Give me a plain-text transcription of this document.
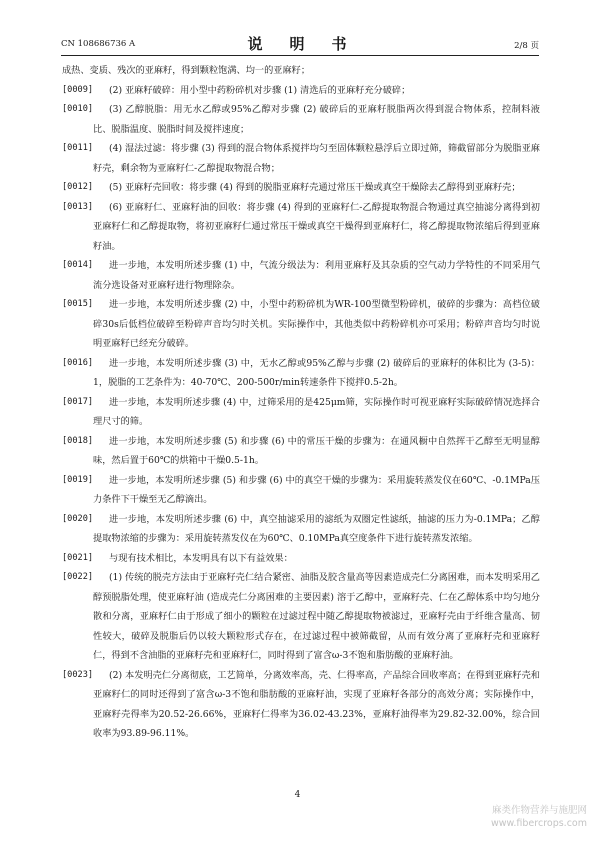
CN 108686736 A	说　明　书	2/8 页
成热、变质、残次的亚麻籽，得到颗粒饱满、均一的亚麻籽；
[0009]	(2) 亚麻籽破碎：用小型中药粉碎机对步骤 (1) 清选后的亚麻籽充分破碎；
[0010]	(3) 乙醇脱脂：用无水乙醇或95%乙醇对步骤 (2) 破碎后的亚麻籽脱脂两次得到混合物体系，控制料液比、脱脂温度、脱脂时间及搅拌速度；
[0011]	(4) 湿法过滤：将步骤 (3) 得到的混合物体系搅拌均匀至固体颗粒悬浮后立即过筛，筛截留部分为脱脂亚麻籽壳，剩余物为亚麻籽仁-乙醇提取物混合物；
[0012]	(5) 亚麻籽壳回收：将步骤 (4) 得到的脱脂亚麻籽壳通过常压干燥或真空干燥除去乙醇得到亚麻籽壳；
[0013]	(6) 亚麻籽仁、亚麻籽油的回收：将步骤 (4) 得到的亚麻籽仁-乙醇提取物混合物通过真空抽滤分离得到初亚麻籽仁和乙醇提取物，将初亚麻籽仁通过常压干燥或真空干燥得到亚麻籽仁，将乙醇提取物浓缩后得到亚麻籽油。
[0014]	进一步地，本发明所述步骤 (1) 中，气流分级法为：利用亚麻籽及其杂质的空气动力学特性的不同采用气流分选设备对亚麻籽进行物理除杂。
[0015]	进一步地，本发明所述步骤 (2) 中，小型中药粉碎机为WR-100型微型粉碎机，破碎的步骤为：高档位破碎30s后低档位破碎至粉碎声音均匀时关机。实际操作中，其他类似中药粉碎机亦可采用；粉碎声音均匀时说明亚麻籽已经充分破碎。
[0016]	进一步地，本发明所述步骤 (3) 中，无水乙醇或95%乙醇与步骤 (2) 破碎后的亚麻籽的体积比为 (3-5)：1，脱脂的工艺条件为：40-70℃、200-500r/min转速条件下搅拌0.5-2h。
[0017]	进一步地，本发明所述步骤 (4) 中，过筛采用的是425μm筛，实际操作时可视亚麻籽实际破碎情况选择合理尺寸的筛。
[0018]	进一步地，本发明所述步骤 (5) 和步骤 (6) 中的常压干燥的步骤为：在通风橱中自然挥干乙醇至无明显醇味，然后置于60℃的烘箱中干燥0.5-1h。
[0019]	进一步地，本发明所述步骤 (5) 和步骤 (6) 中的真空干燥的步骤为：采用旋转蒸发仪在60℃、-0.1MPa压力条件下干燥至无乙醇滴出。
[0020]	进一步地，本发明所述步骤 (6) 中，真空抽滤采用的滤纸为双圈定性滤纸，抽滤的压力为-0.1MPa；乙醇提取物浓缩的步骤为：采用旋转蒸发仪在为60℃、0.10MPa真空度条件下进行旋转蒸发浓缩。
[0021]	与现有技术相比，本发明具有以下有益效果：
[0022]	(1) 传统的脱壳方法由于亚麻籽壳仁结合紧密、油脂及胶含量高等因素造成壳仁分离困难，而本发明采用乙醇预脱脂处理，使亚麻籽油 (造成壳仁分离困难的主要因素) 溶于乙醇中，亚麻籽壳、仁在乙醇体系中均匀地分散和分离，亚麻籽仁由于形成了细小的颗粒在过滤过程中随乙醇提取物被滤过，亚麻籽壳由于纤维含量高、韧性较大，破碎及脱脂后仍以较大颗粒形式存在，在过滤过程中被筛截留，从而有效分离了亚麻籽壳和亚麻籽仁，得到不含油脂的亚麻籽壳和亚麻籽仁，同时得到了富含ω-3不饱和脂肪酸的亚麻籽油。
[0023]	(2) 本发明壳仁分离彻底，工艺简单，分离效率高，壳、仁得率高，产品综合回收率高；在得到亚麻籽壳和亚麻籽仁的同时还得到了富含ω-3不饱和脂肪酸的亚麻籽油，实现了亚麻籽各部分的高效分离；实际操作中，亚麻籽壳得率为20.52-26.66%，亚麻籽仁得率为36.02-43.23%，亚麻籽油得率为29.82-32.00%，综合回收率为93.89-96.11%。
4
麻类作物营养与施肥网
www.fibercrops.com
